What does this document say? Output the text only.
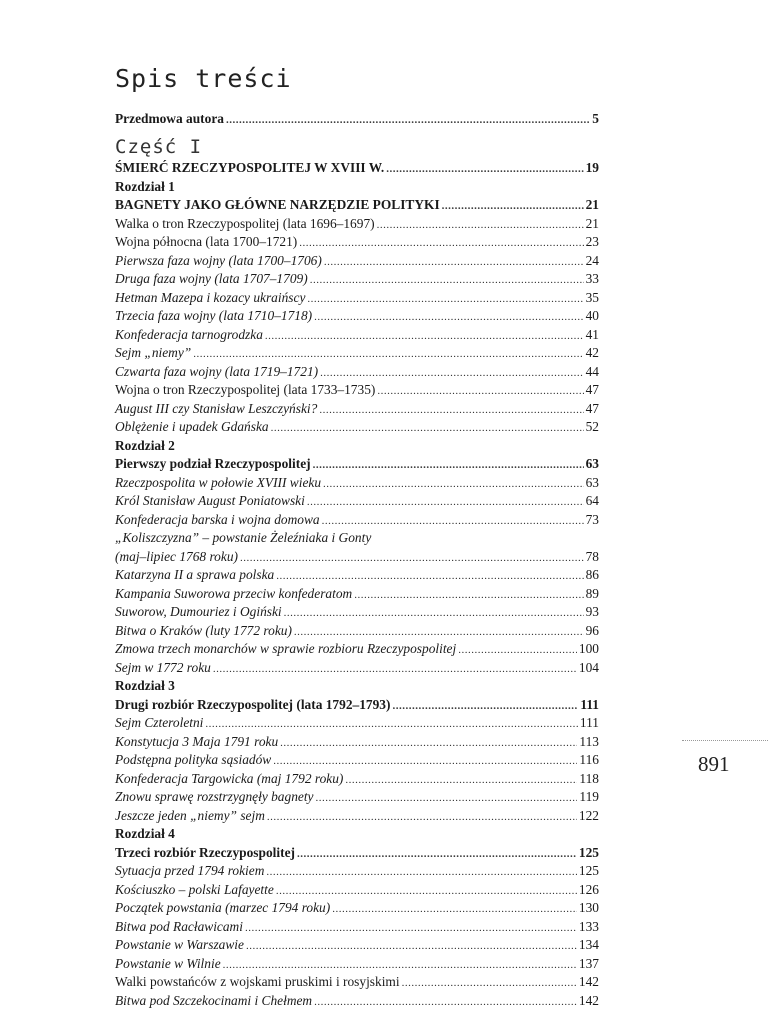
Spis treści
Przedmowa autora .....	5
Część I
ŚMIERĆ RZECZYPOSPOLITEJ W XVIII W. .....	19
Rozdział 1
BAGNETY JAKO GŁÓWNE NARZĘDZIE POLITYKI .....	21
Walka o tron Rzeczypospolitej (lata 1696–1697) .....	21
Wojna północna (lata 1700–1721) .....	23
Pierwsza faza wojny (lata 1700–1706) .....	24
Druga faza wojny (lata 1707–1709) .....	33
Hetman Mazepa i kozacy ukraińscy .....	35
Trzecia faza wojny (lata 1710–1718) .....	40
Konfederacja tarnogrodzka .....	41
Sejm „niemy” .....	42
Czwarta faza wojny (lata 1719–1721) .....	44
Wojna o tron Rzeczypospolitej (lata 1733–1735) .....	47
August III czy Stanisław Leszczyński? .....	47
Oblężenie i upadek Gdańska .....	52
Rozdział 2
Pierwszy podział Rzeczypospolitej .....	63
Rzeczpospolita w połowie XVIII wieku .....	63
Król Stanisław August Poniatowski .....	64
Konfederacja barska i wojna domowa .....	73
„Koliszczyzna” – powstanie Żeleźniaka i Gonty
(maj–lipiec 1768 roku) .....	78
Katarzyna II a sprawa polska .....	86
Kampania Suworowa przeciw konfederatom .....	89
Suworow, Dumouriez i Ogiński .....	93
Bitwa o Kraków (luty 1772 roku) .....	96
Zmowa trzech monarchów w sprawie rozbioru Rzeczypospolitej .....	100
Sejm w 1772 roku .....	104
Rozdział 3
Drugi rozbiór Rzeczypospolitej (lata 1792–1793) .....	111
Sejm Czteroletni .....	111
Konstytucja 3 Maja 1791 roku .....	113
Podstępna polityka sąsiadów .....	116
Konfederacja Targowicka (maj 1792 roku) .....	118
Znowu sprawę rozstrzygnęły bagnety .....	119
Jeszcze jeden „niemy” sejm .....	122
Rozdział 4
Trzeci rozbiór Rzeczypospolitej .....	125
Sytuacja przed 1794 rokiem .....	125
Kościuszko – polski Lafayette .....	126
Początek powstania (marzec 1794 roku) .....	130
Bitwa pod Racławicami .....	133
Powstanie w Warszawie .....	134
Powstanie w Wilnie .....	137
Walki powstańców z wojskami pruskimi i rosyjskimi .....	142
Bitwa pod Szczekocinami i Chełmem .....	142
891
